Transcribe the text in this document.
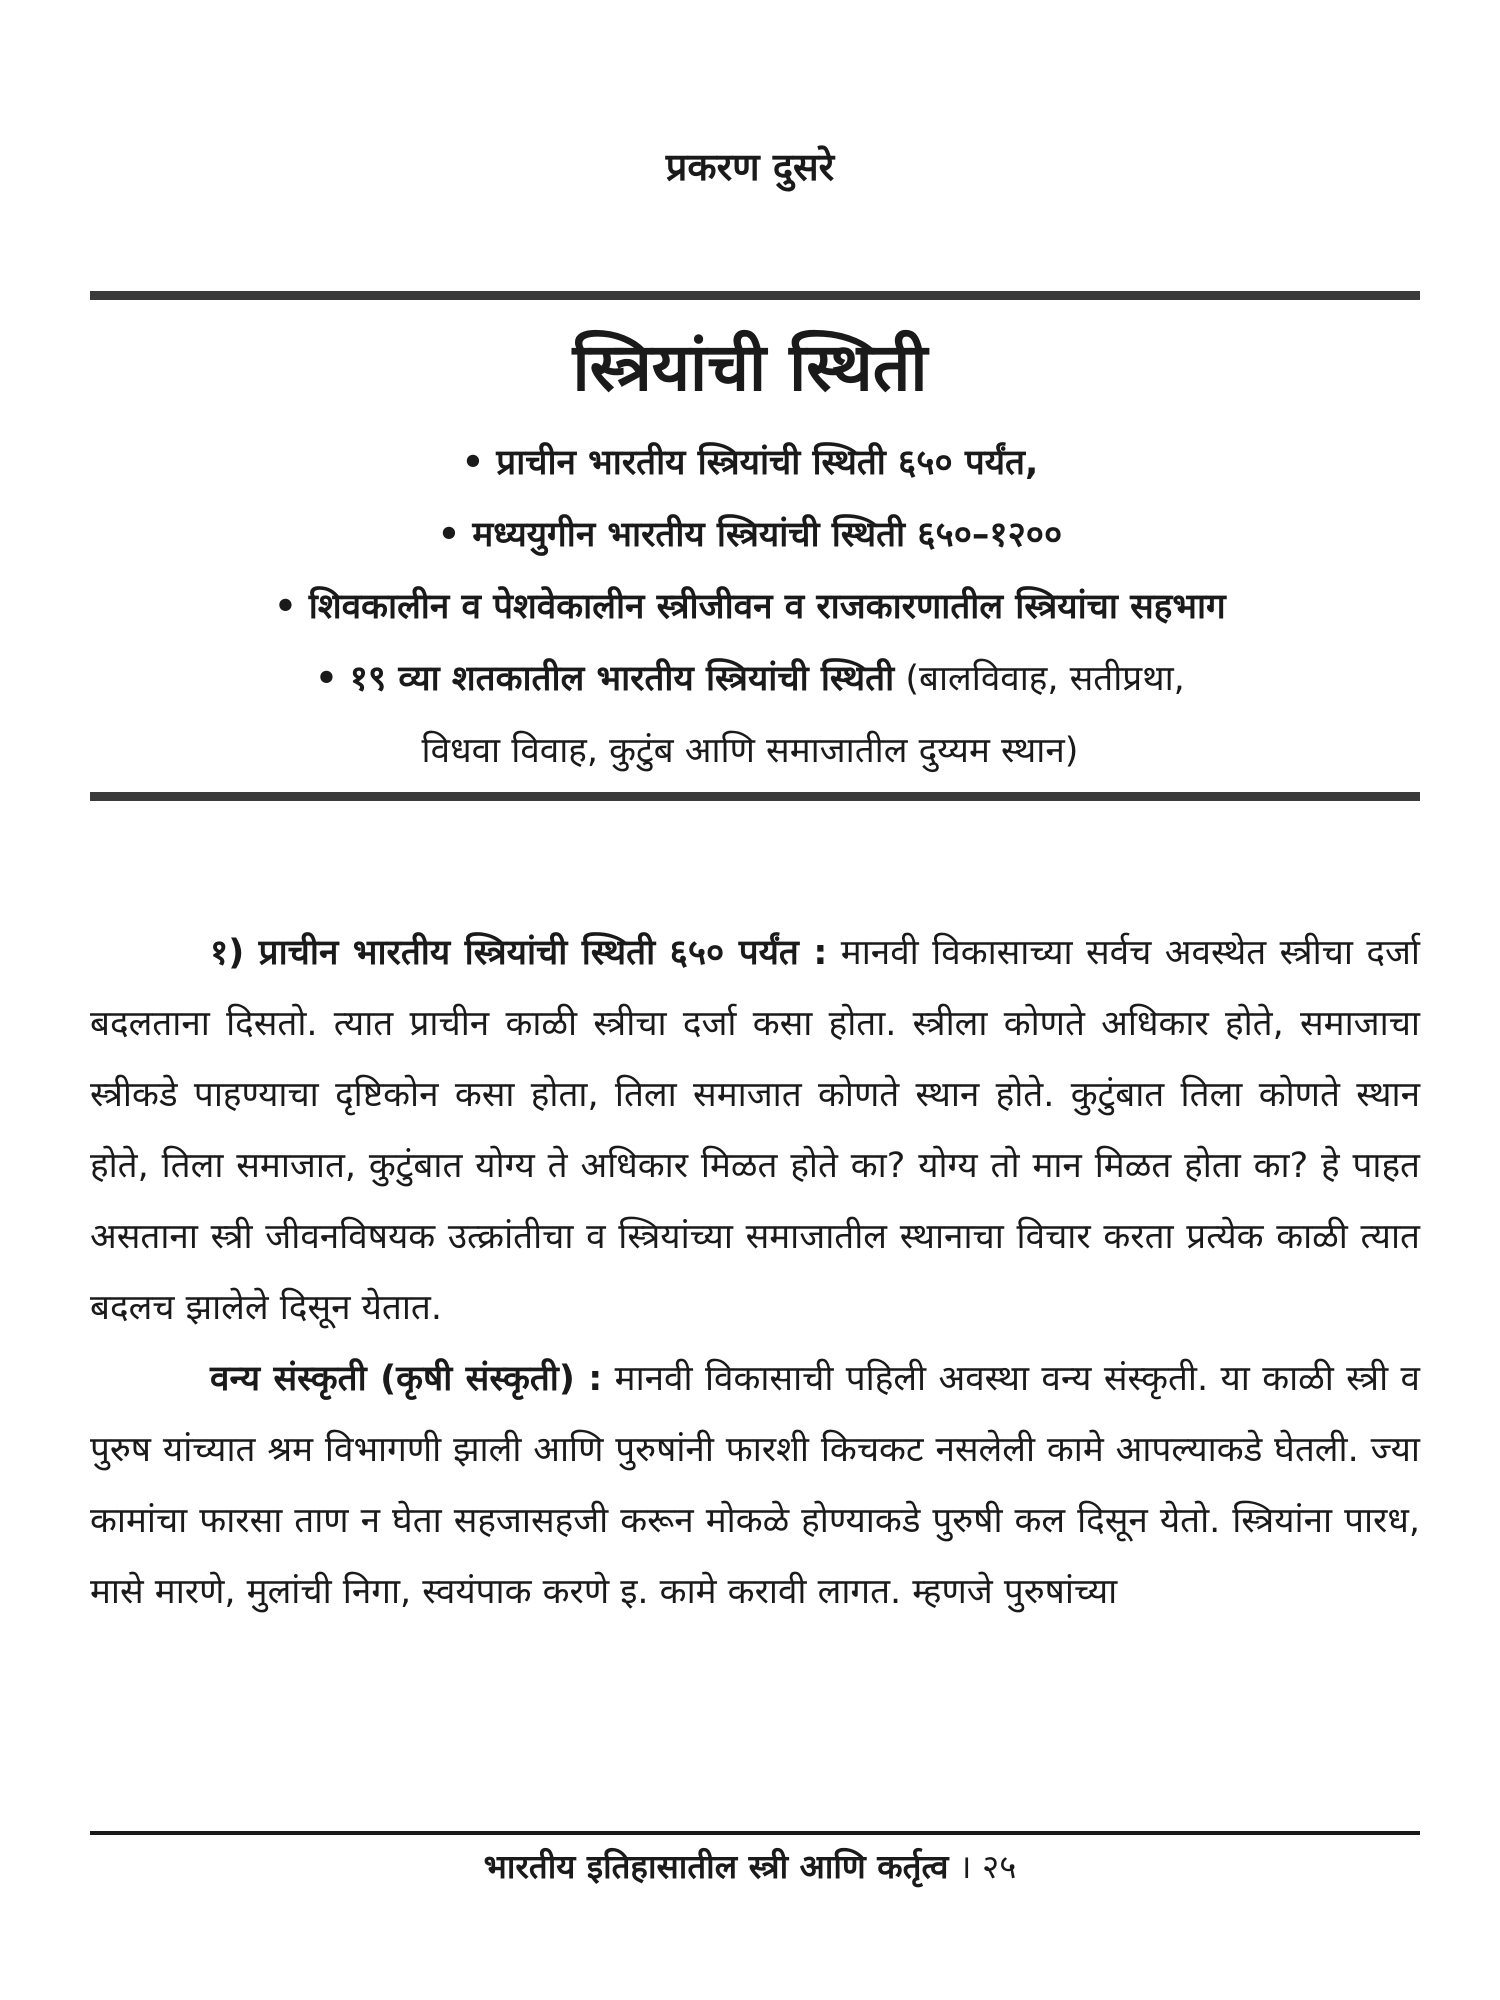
प्रकरण दुसरे
स्त्रियांची स्थिती
• प्राचीन भारतीय स्त्रियांची स्थिती ६५० पर्यंत,
• मध्ययुगीन भारतीय स्त्रियांची स्थिती ६५०–१२००
• शिवकालीन व पेशवेकालीन स्त्रीजीवन व राजकारणातील स्त्रियांचा सहभाग
• १९ व्या शतकातील भारतीय स्त्रियांची स्थिती (बालविवाह, सतीप्रथा,
विधवा विवाह, कुटुंब आणि समाजातील दुय्यम स्थान)

१) प्राचीन भारतीय स्त्रियांची स्थिती ६५० पर्यंत : मानवी विकासाच्या सर्वच अवस्थेत स्त्रीचा दर्जा बदलताना दिसतो. त्यात प्राचीन काळी स्त्रीचा दर्जा कसा होता. स्त्रीला कोणते अधिकार होते, समाजाचा स्त्रीकडे पाहण्याचा दृष्टिकोन कसा होता, तिला समाजात कोणते स्थान होते. कुटुंबात तिला कोणते स्थान होते, तिला समाजात, कुटुंबात योग्य ते अधिकार मिळत होते का? योग्य तो मान मिळत होता का? हे पाहत असताना स्त्री जीवनविषयक उत्क्रांतीचा व स्त्रियांच्या समाजातील स्थानाचा विचार करता प्रत्येक काळी त्यात बदलच झालेले दिसून येतात.

वन्य संस्कृती (कृषी संस्कृती) : मानवी विकासाची पहिली अवस्था वन्य संस्कृती. या काळी स्त्री व पुरुष यांच्यात श्रम विभागणी झाली आणि पुरुषांनी फारशी किचकट नसलेली कामे आपल्याकडे घेतली. ज्या कामांचा फारसा ताण न घेता सहजासहजी करून मोकळे होण्याकडे पुरुषी कल दिसून येतो. स्त्रियांना पारध, मासे मारणे, मुलांची निगा, स्वयंपाक करणे इ. कामे करावी लागत. म्हणजे पुरुषांच्या

भारतीय इतिहासातील स्त्री आणि कर्तृत्व । २५
